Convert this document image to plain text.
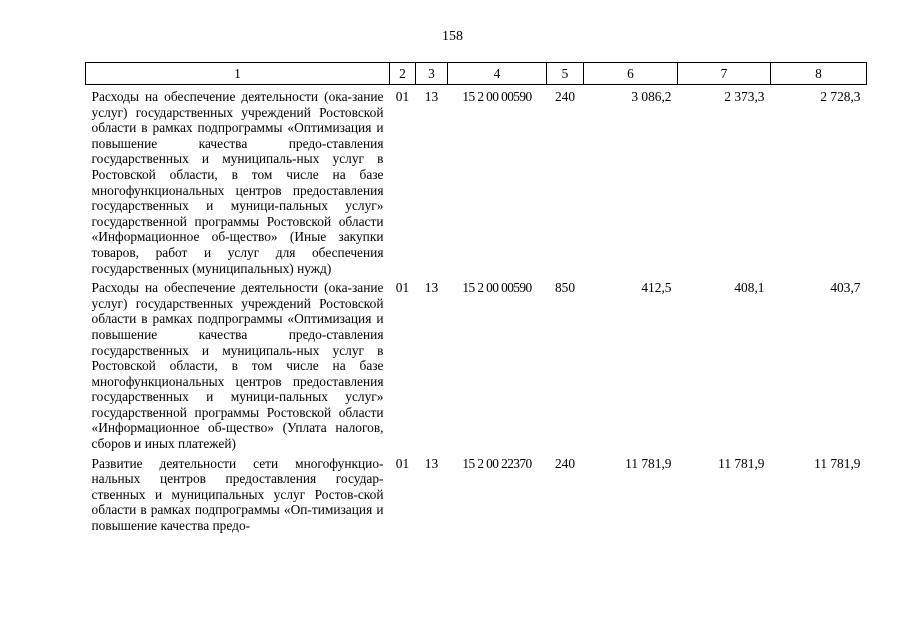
158
1	2	3	4	5	6	7	8
Расходы на обеспечение деятельности (ока-зание услуг) государственных учреждений Ростовской области в рамках подпрограммы «Оптимизация и повышение качества предо-ставления государственных и муниципаль-ных услуг в Ростовской области, в том числе на базе многофункциональных центров предоставления государственных и муници-пальных услуг» государственной программы Ростовской области «Информационное об-щество» (Иные закупки товаров, работ и услуг для обеспечения государственных (муниципальных) нужд)	01	13	15 2 00 00590	240	3 086,2	2 373,3	2 728,3
Расходы на обеспечение деятельности (ока-зание услуг) государственных учреждений Ростовской области в рамках подпрограммы «Оптимизация и повышение качества предо-ставления государственных и муниципаль-ных услуг в Ростовской области, в том числе на базе многофункциональных центров предоставления государственных и муници-пальных услуг» государственной программы Ростовской области «Информационное об-щество» (Уплата налогов, сборов и иных платежей)	01	13	15 2 00 00590	850	412,5	408,1	403,7
Развитие деятельности сети многофункцио-нальных центров предоставления государ-ственных и муниципальных услуг Ростов-ской области в рамках подпрограммы «Оп-тимизация и повышение качества предо-	01	13	15 2 00 22370	240	11 781,9	11 781,9	11 781,9
